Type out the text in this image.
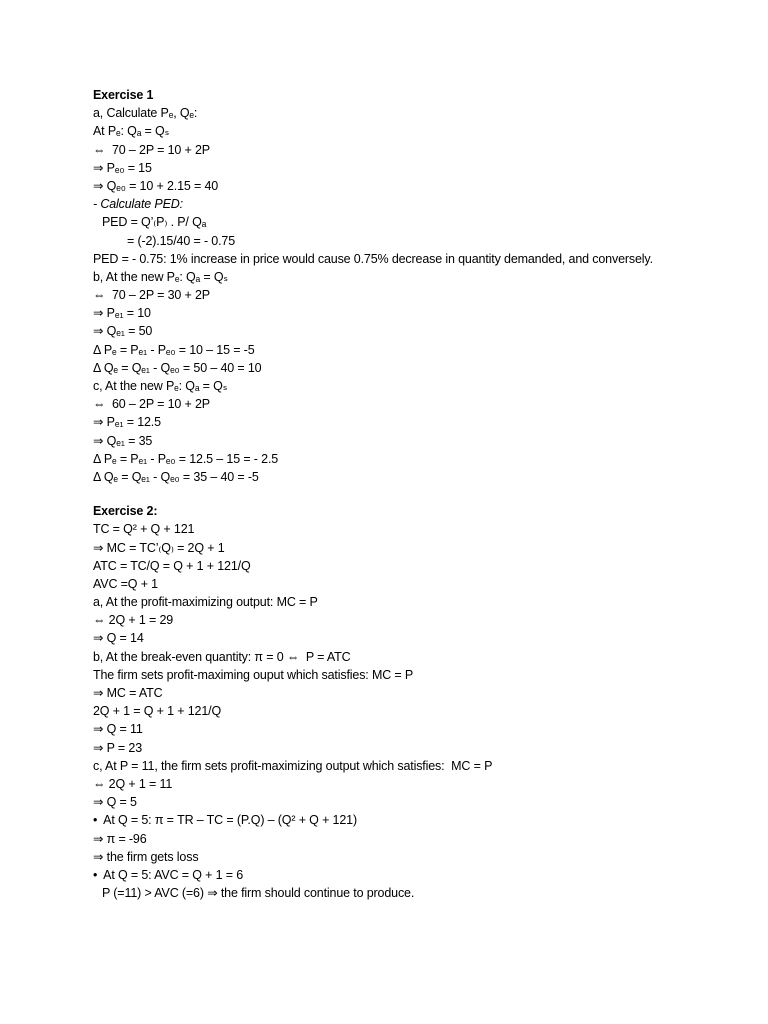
Exercise 1
a, Calculate Pₑ, Qₑ:
At Pₑ: Qₐ = Qₛ
⇔  70 – 2P = 10 + 2P
⇒ Pₑ₀ = 15
⇒ Qₑ₀ = 10 + 2.15 = 40
- Calculate PED:
PED = Q’₍P₎ . P/ Qₐ
= (-2).15/40 = - 0.75
PED = - 0.75: 1% increase in price would cause 0.75% decrease in quantity demanded, and conversely.
b, At the new Pₑ: Qₐ = Qₛ
⇔  70 – 2P = 30 + 2P
⇒ Pₑ₁ = 10
⇒ Qₑ₁ = 50
Δ Pₑ = Pₑ₁ - Pₑ₀ = 10 – 15 = -5
Δ Qₑ = Qₑ₁ - Qₑ₀ = 50 – 40 = 10
c, At the new Pₑ: Qₐ = Qₛ
⇔  60 – 2P = 10 + 2P
⇒ Pₑ₁ = 12.5
⇒ Qₑ₁ = 35
Δ Pₑ = Pₑ₁ - Pₑ₀ = 12.5 – 15 = - 2.5
Δ Qₑ = Qₑ₁ - Qₑ₀ = 35 – 40 = -5
Exercise 2:
TC = Q² + Q + 121
⇒ MC = TC’₍Q₎ = 2Q + 1
ATC = TC/Q = Q + 1 + 121/Q
AVC =Q + 1
a, At the profit-maximizing output: MC = P
⇔ 2Q + 1 = 29
⇒ Q = 14
b, At the break-even quantity: π = 0 ⇔  P = ATC
The firm sets profit-maximing ouput which satisfies: MC = P
⇒ MC = ATC
2Q + 1 = Q + 1 + 121/Q
⇒ Q = 11
⇒ P = 23
c, At P = 11, the firm sets profit-maximizing output which satisfies:  MC = P
⇔ 2Q + 1 = 11
⇒ Q = 5
•  At Q = 5: π = TR – TC = (P.Q) – (Q² + Q + 121)
⇒ π = -96
⇒ the firm gets loss
•  At Q = 5: AVC = Q + 1 = 6
P (=11) > AVC (=6) ⇒ the firm should continue to produce.
